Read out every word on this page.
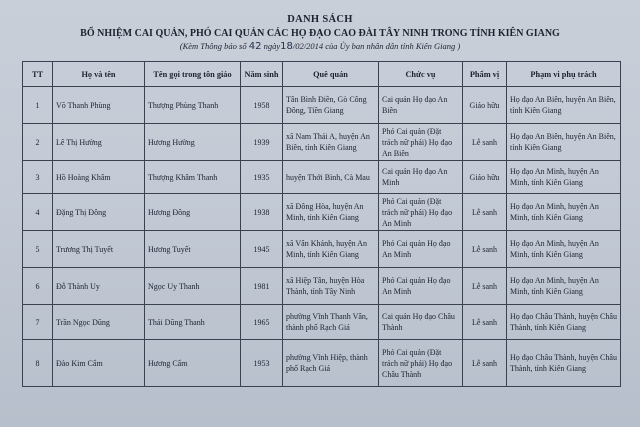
DANH SÁCH
BỔ NHIỆM CAI QUẢN, PHÓ CAI QUẢN CÁC HỌ ĐẠO CAO ĐÀI TÂY NINH TRONG TỈNH KIÊN GIANG
(Kèm Thông báo số 42 ngày18/02/2014 của Ủy ban nhân dân tỉnh Kiên Giang )
TT	Họ và tên	Tên gọi trong tôn giáo	Năm sinh	Quê quán	Chức vụ	Phẩm vị	Phạm vi phụ trách
1	Võ Thanh Phùng	Thượng Phùng Thanh	1958	Tân Bình Điền, Gò Công Đông, Tiền Giang	Cai quản Họ đạo An Biên	Giáo hữu	Họ đạo An Biên, huyện An Biên, tỉnh Kiên Giang
2	Lê Thị Hường	Hương Hường	1939	xã Nam Thái A, huyện An Biên, tỉnh Kiên Giang	Phó Cai quản (Đặt trách nữ phái) Họ đạo An Biên	Lễ sanh	Họ đạo An Biên, huyện An Biên, tỉnh Kiên Giang
3	Hồ Hoàng Khâm	Thượng Khâm Thanh	1935	huyện Thới Bình, Cà Mau	Cai quản Họ đạo An Minh	Giáo hữu	Họ đạo An Minh, huyện An Minh, tỉnh Kiên Giang
4	Đặng Thị Đông	Hương Đông	1938	xã Đông Hòa, huyện An Minh, tỉnh Kiên Giang	Phó Cai quản (Đặt trách nữ phái) Họ đạo An Minh	Lễ sanh	Họ đạo An Minh, huyện An Minh, tỉnh Kiên Giang
5	Trương Thị Tuyết	Hương Tuyết	1945	xã Vân Khánh, huyện An Minh, tỉnh Kiên Giang	Phó Cai quản Họ đạo An Minh	Lễ sanh	Họ đạo An Minh, huyện An Minh, tỉnh Kiên Giang
6	Đỗ Thành Uy	Ngọc Uy Thanh	1981	xã Hiệp Tân, huyện Hòa Thành, tỉnh Tây Ninh	Phó Cai quản Họ đạo An Minh	Lễ sanh	Họ đạo An Minh, huyện An Minh, tỉnh Kiên Giang
7	Trần Ngọc Dũng	Thái Dũng Thanh	1965	phường Vĩnh Thanh Vân, thành phố Rạch Giá	Cai quản Họ đạo Châu Thành	Lễ sanh	Họ đạo Châu Thành, huyện Châu Thành, tỉnh Kiên Giang
8	Đào Kim Cẩm	Hương Cẩm	1953	phường Vĩnh Hiệp, thành phố Rạch Giá	Phó Cai quản (Đặt trách nữ phái) Họ đạo Châu Thành	Lễ sanh	Họ đạo Châu Thành, huyện Châu Thành, tỉnh Kiên Giang
